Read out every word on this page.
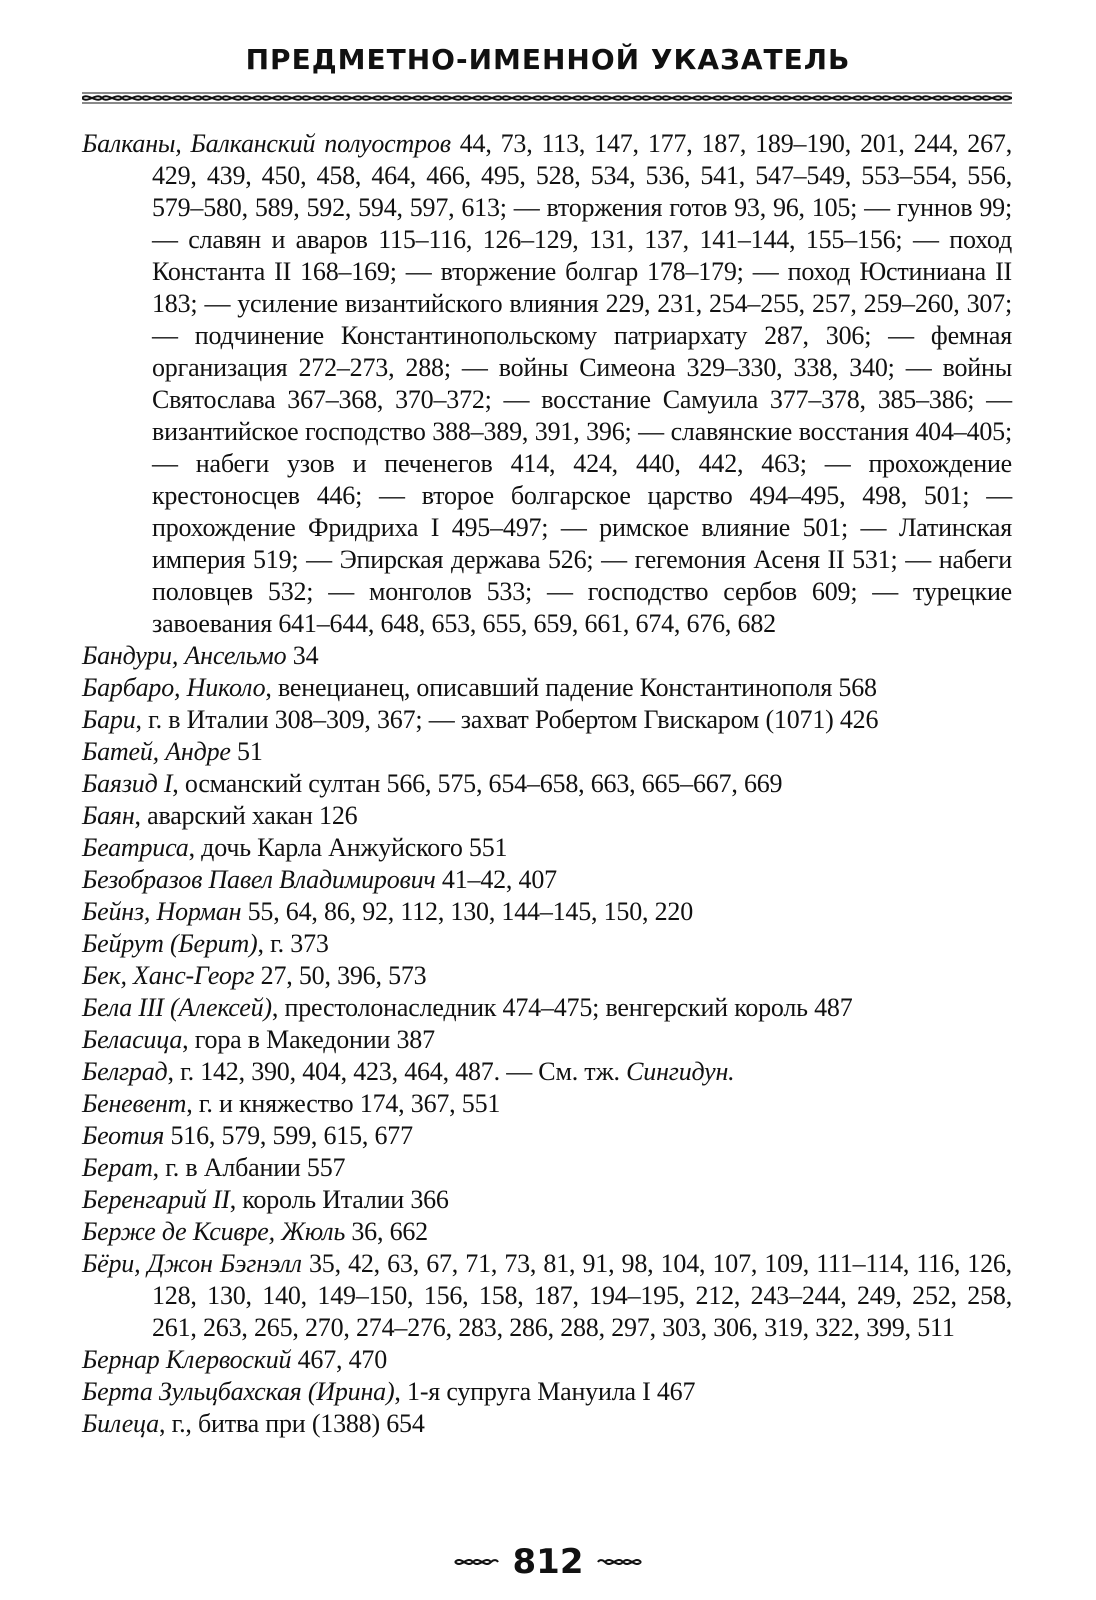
ПРЕДМЕТНО-ИМЕННОЙ УКАЗАТЕЛЬ

Балканы, Балканский полуостров 44, 73, 113, 147, 177, 187, 189–190, 201, 244, 267, 429, 439, 450, 458, 464, 466, 495, 528, 534, 536, 541, 547–549, 553–554, 556, 579–580, 589, 592, 594, 597, 613; — вторжения готов 93, 96, 105; — гуннов 99; — славян и аваров 115–116, 126–129, 131, 137, 141–144, 155–156; — поход Константа II 168–169; — вторжение болгар 178–179; — поход Юстиниана II 183; — усиление византийского влияния 229, 231, 254–255, 257, 259–260, 307; — подчинение Константинопольскому патриархату 287, 306; — фемная организация 272–273, 288; — войны Симеона 329–330, 338, 340; — войны Святослава 367–368, 370–372; — восстание Самуила 377–378, 385–386; — византийское господство 388–389, 391, 396; — славянские восстания 404–405; — набеги узов и печенегов 414, 424, 440, 442, 463; — прохождение крестоносцев 446; — второе болгарское царство 494–495, 498, 501; — прохождение Фридриха I 495–497; — римское влияние 501; — Латинская империя 519; — Эпирская держава 526; — гегемония Асеня II 531; — набеги половцев 532; — монголов 533; — господство сербов 609; — турецкие завоевания 641–644, 648, 653, 655, 659, 661, 674, 676, 682

Бандури, Ансельмо 34

Барбаро, Николо, венецианец, описавший падение Константинополя 568

Бари, г. в Италии 308–309, 367; — захват Робертом Гвискаром (1071) 426

Батей, Андре 51

Баязид I, османский султан 566, 575, 654–658, 663, 665–667, 669

Баян, аварский хакан 126

Беатриса, дочь Карла Анжуйского 551

Безобразов Павел Владимирович 41–42, 407

Бейнз, Норман 55, 64, 86, 92, 112, 130, 144–145, 150, 220

Бейрут (Берит), г. 373

Бек, Ханс-Георг 27, 50, 396, 573

Бела III (Алексей), престолонаследник 474–475; венгерский король 487

Беласица, гора в Македонии 387

Белград, г. 142, 390, 404, 423, 464, 487. — См. тж. Сингидун.

Беневент, г. и княжество 174, 367, 551

Беотия 516, 579, 599, 615, 677

Берат, г. в Албании 557

Беренгарий II, король Италии 366

Берже де Ксивре, Жюль 36, 662

Бёри, Джон Бэгнэлл 35, 42, 63, 67, 71, 73, 81, 91, 98, 104, 107, 109, 111–114, 116, 126, 128, 130, 140, 149–150, 156, 158, 187, 194–195, 212, 243–244, 249, 252, 258, 261, 263, 265, 270, 274–276, 283, 286, 288, 297, 303, 306, 319, 322, 399, 511

Бернар Клервоский 467, 470

Берта Зульцбахская (Ирина), 1-я супруга Мануила I 467

Билеца, г., битва при (1388) 654

812
